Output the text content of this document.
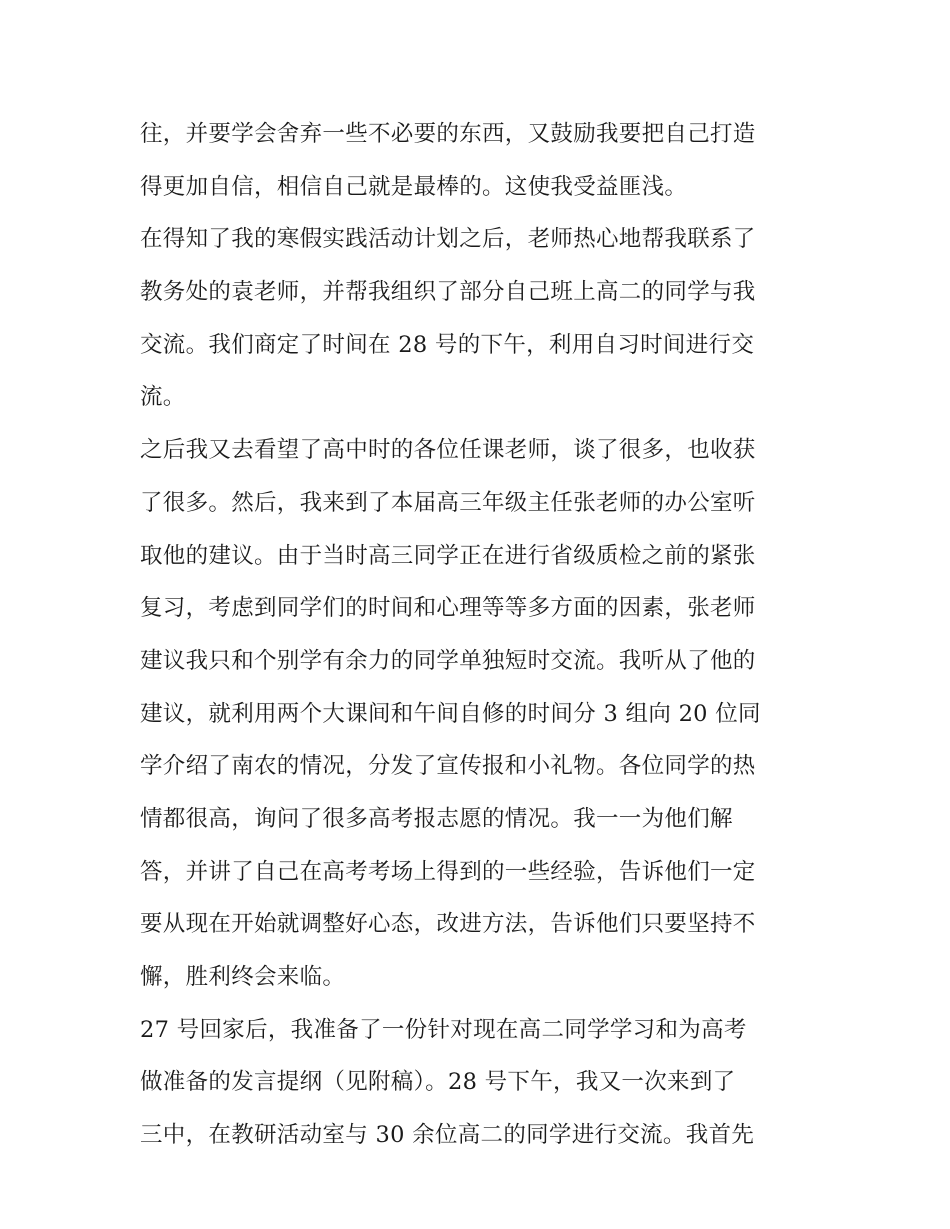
往，并要学会舍弃一些不必要的东西，又鼓励我要把自己打造
得更加自信，相信自己就是最棒的。这使我受益匪浅。
在得知了我的寒假实践活动计划之后，老师热心地帮我联系了
教务处的袁老师，并帮我组织了部分自己班上高二的同学与我
交流。我们商定了时间在 28 号的下午，利用自习时间进行交
流。
之后我又去看望了高中时的各位任课老师，谈了很多，也收获
了很多。然后，我来到了本届高三年级主任张老师的办公室听
取他的建议。由于当时高三同学正在进行省级质检之前的紧张
复习，考虑到同学们的时间和心理等等多方面的因素，张老师
建议我只和个别学有余力的同学单独短时交流。我听从了他的
建议，就利用两个大课间和午间自修的时间分 3 组向 20 位同
学介绍了南农的情况，分发了宣传报和小礼物。各位同学的热
情都很高，询问了很多高考报志愿的情况。我一一为他们解
答，并讲了自己在高考考场上得到的一些经验，告诉他们一定
要从现在开始就调整好心态，改进方法，告诉他们只要坚持不
懈，胜利终会来临。
27 号回家后，我准备了一份针对现在高二同学学习和为高考
做准备的发言提纲（见附稿）。28 号下午，我又一次来到了
三中，在教研活动室与 30 余位高二的同学进行交流。我首先
